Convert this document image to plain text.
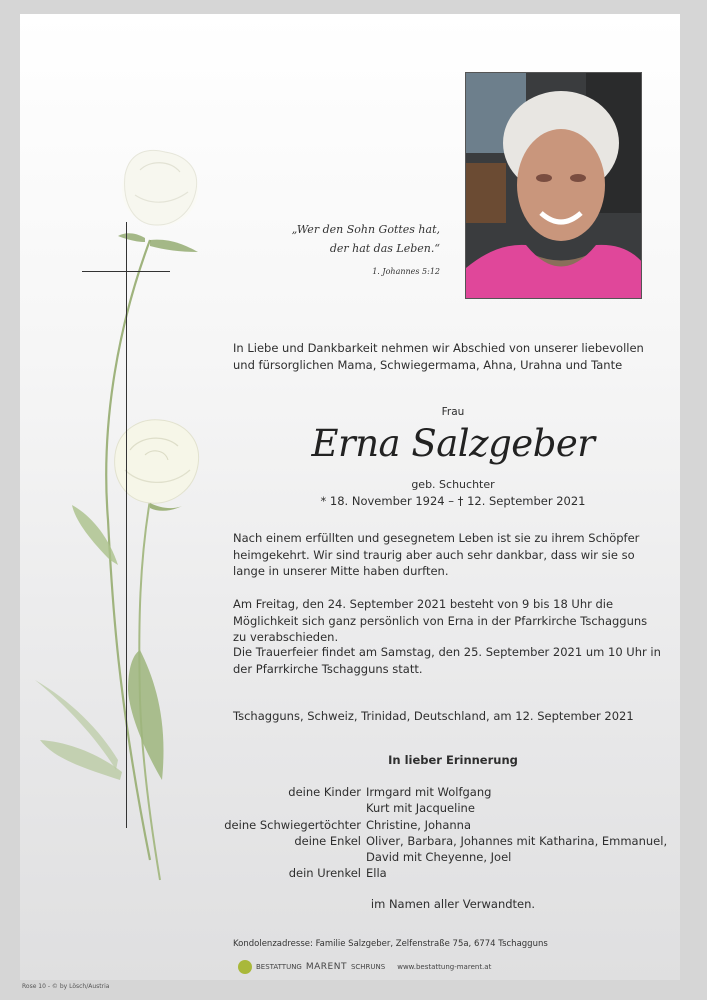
„Wer den Sohn Gottes hat,
der hat das Leben.“
1. Johannes 5:12
In Liebe und Dankbarkeit nehmen wir Abschied von unserer liebevollen und fürsorglichen Mama, Schwiegermama, Ahna, Urahna und Tante
Frau
Erna Salzgeber
geb. Schuchter
* 18. November 1924 – † 12. September 2021
Nach einem erfüllten und gesegnetem Leben ist sie zu ihrem Schöpfer heimgekehrt. Wir sind traurig aber auch sehr dankbar, dass wir sie so lange in unserer Mitte haben durften.
Am Freitag, den 24. September 2021 besteht von 9 bis 18 Uhr die Möglichkeit sich ganz persönlich von Erna in der Pfarrkirche Tschagguns zu verabschieden.
Die Trauerfeier findet am Samstag, den 25. September 2021 um 10 Uhr in der Pfarrkirche Tschagguns statt.
Tschagguns, Schweiz, Trinidad, Deutschland, am 12. September 2021
In lieber Erinnerung
deine Kinder Irmgard mit Wolfgang
Kurt mit Jacqueline
deine Schwiegertöchter Christine, Johanna
deine Enkel Oliver, Barbara, Johannes mit Katharina, Emmanuel,
David mit Cheyenne, Joel
dein Urenkel Ella
im Namen aller Verwandten.
Kondolenzadresse: Familie Salzgeber, Zelfenstraße 75a, 6774 Tschagguns
BESTATTUNG MARENT SCHRUNS www.bestattung-marent.at
Rose 10 - © by Lösch/Austria
